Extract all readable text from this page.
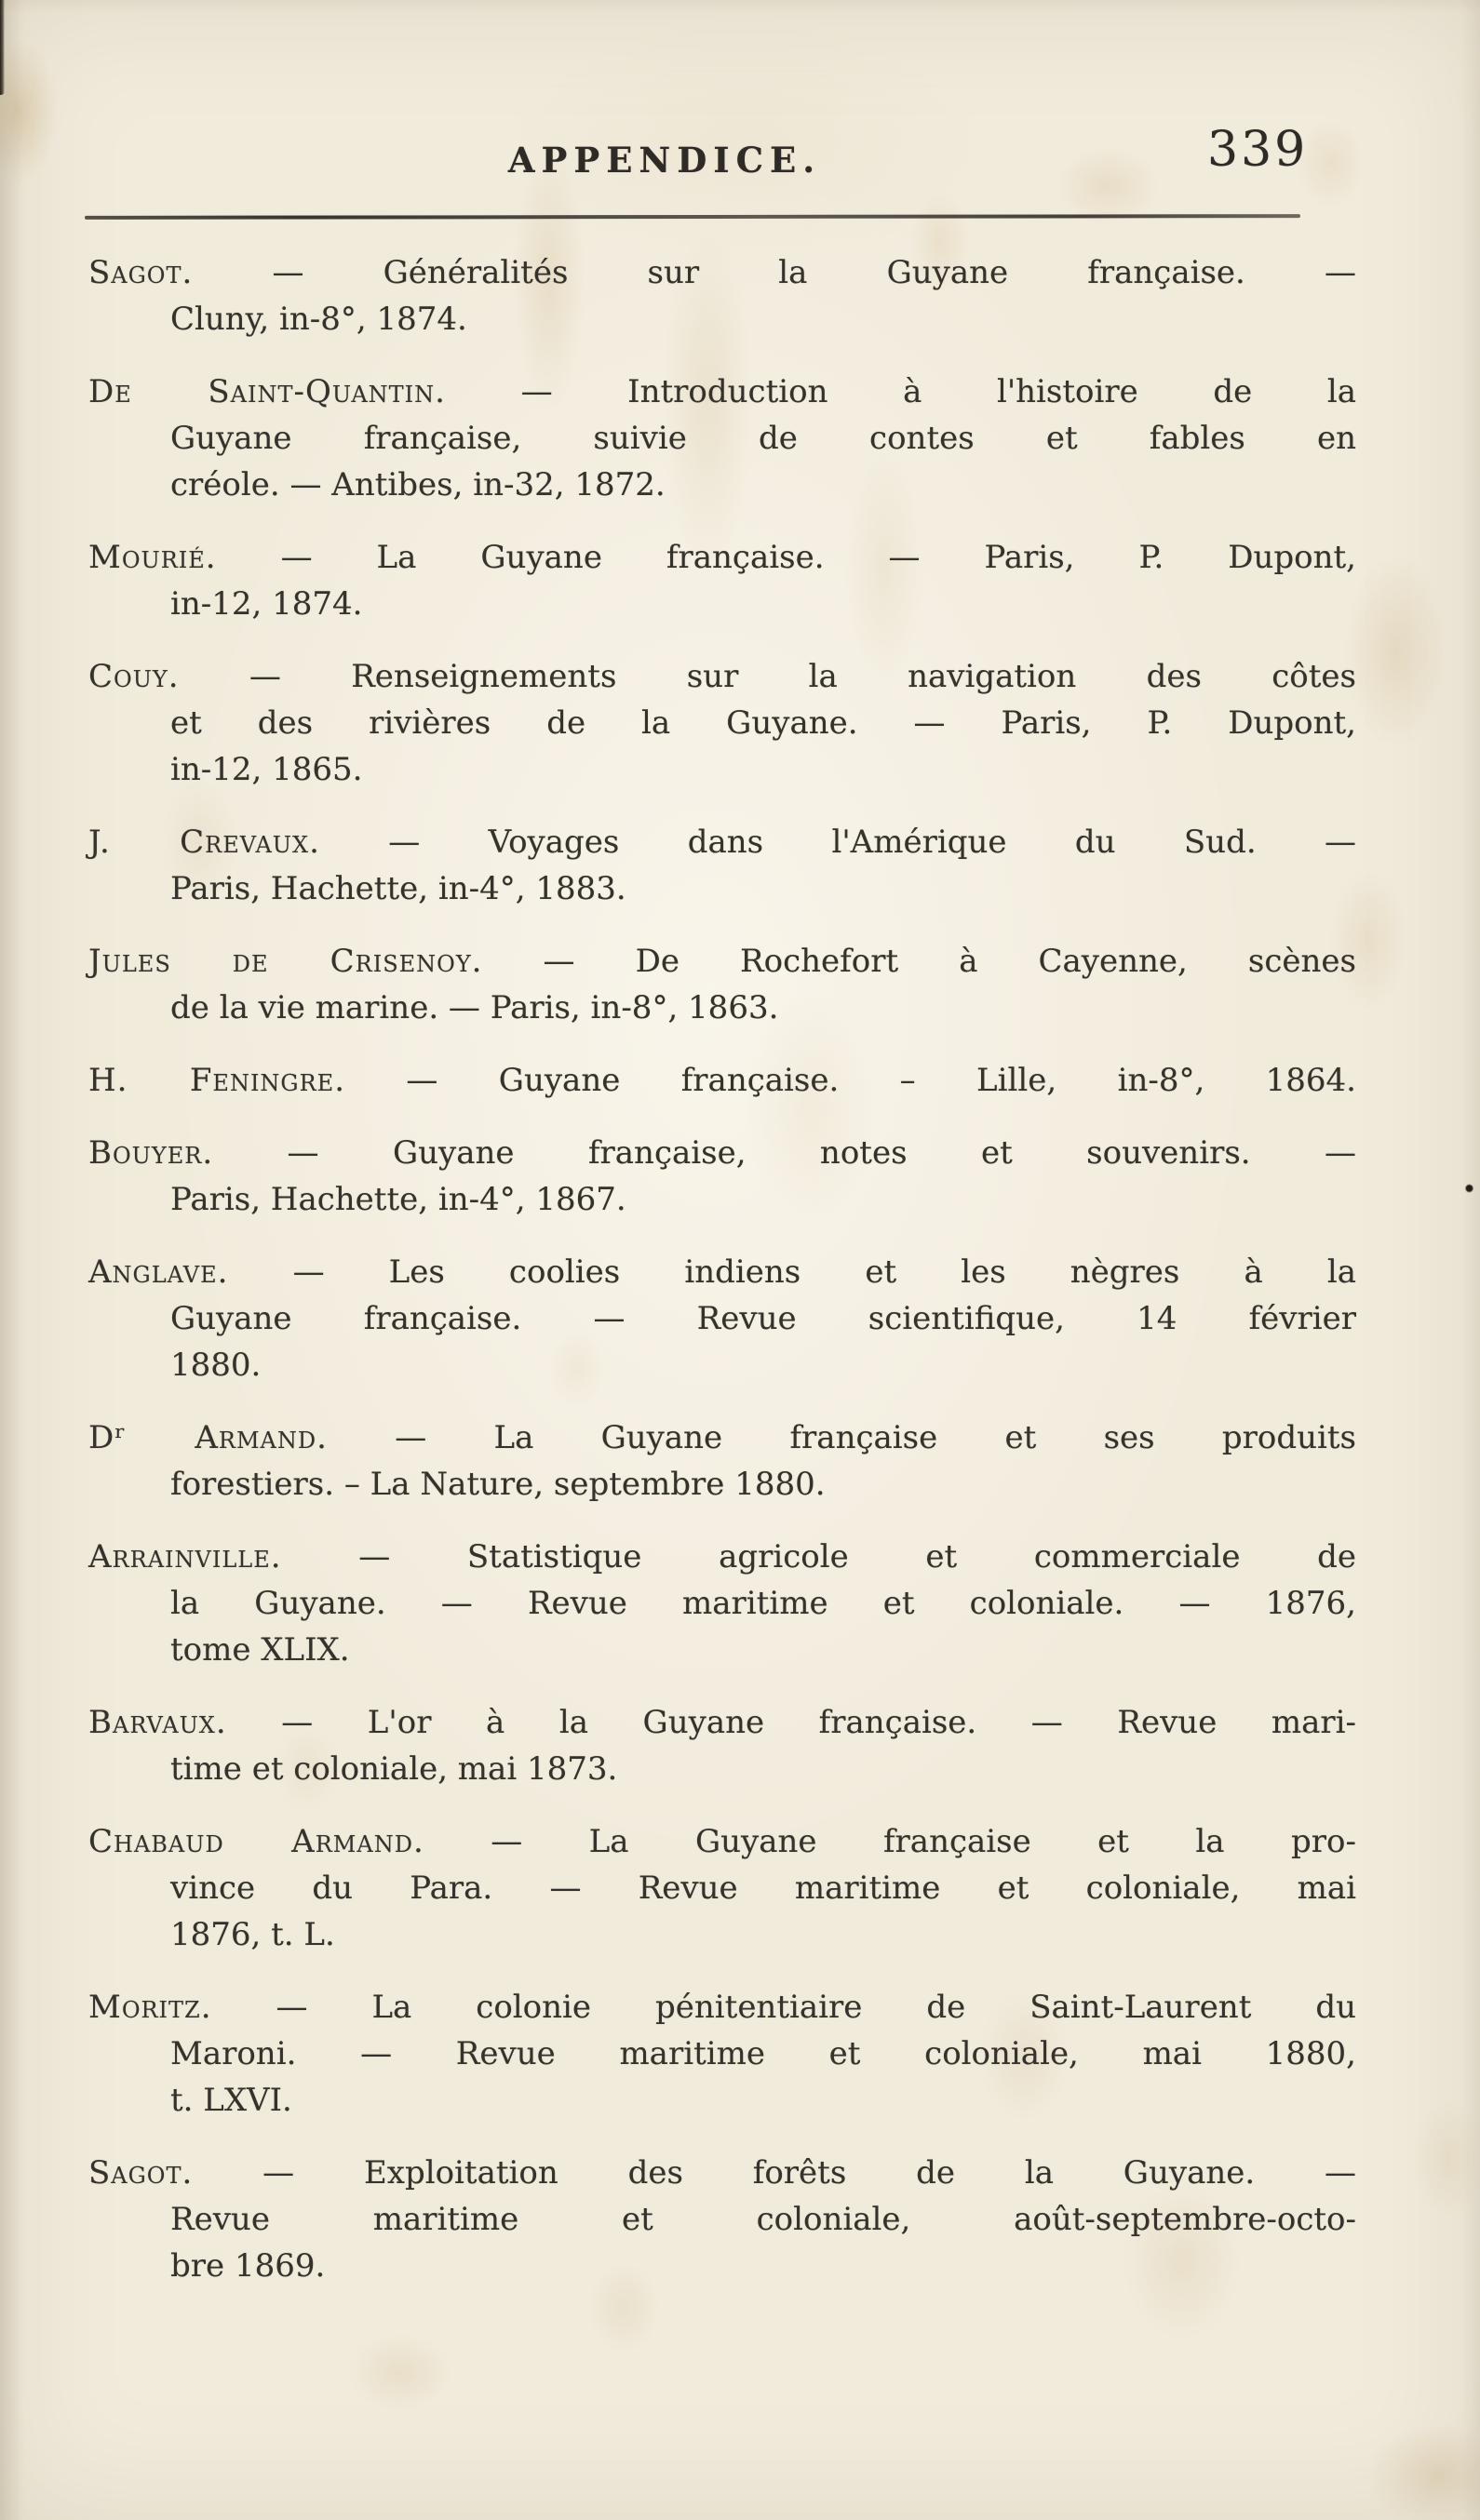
APPENDICE.	339
Sagot. — Généralités sur la Guyane française. —
Cluny, in-8°, 1874.
De Saint-Quantin. — Introduction à l'histoire de la
Guyane française, suivie de contes et fables en
créole. — Antibes, in-32, 1872.
Mourié. — La Guyane française. — Paris, P. Dupont,
in-12, 1874.
Couy. — Renseignements sur la navigation des côtes
et des rivières de la Guyane. — Paris, P. Dupont,
in-12, 1865.
J. Crevaux. — Voyages dans l'Amérique du Sud. —
Paris, Hachette, in-4°, 1883.
Jules de Crisenoy. — De Rochefort à Cayenne, scènes
de la vie marine. — Paris, in-8°, 1863.
H. Feningre. — Guyane française. – Lille, in-8°, 1864.
Bouyer. — Guyane française, notes et souvenirs. —
Paris, Hachette, in-4°, 1867.
Anglave. — Les coolies indiens et les nègres à la
Guyane française. — Revue scientifique, 14 février
1880.
Dʳ Armand. — La Guyane française et ses produits
forestiers. – La Nature, septembre 1880.
Arrainville. — Statistique agricole et commerciale de
la Guyane. — Revue maritime et coloniale. — 1876,
tome XLIX.
Barvaux. — L'or à la Guyane française. — Revue mari-
time et coloniale, mai 1873.
Chabaud Armand. — La Guyane française et la pro-
vince du Para. — Revue maritime et coloniale, mai
1876, t. L.
Moritz. — La colonie pénitentiaire de Saint-Laurent du
Maroni. — Revue maritime et coloniale, mai 1880,
t. LXVI.
Sagot. — Exploitation des forêts de la Guyane. —
Revue maritime et coloniale, août-septembre-octo-
bre 1869.
